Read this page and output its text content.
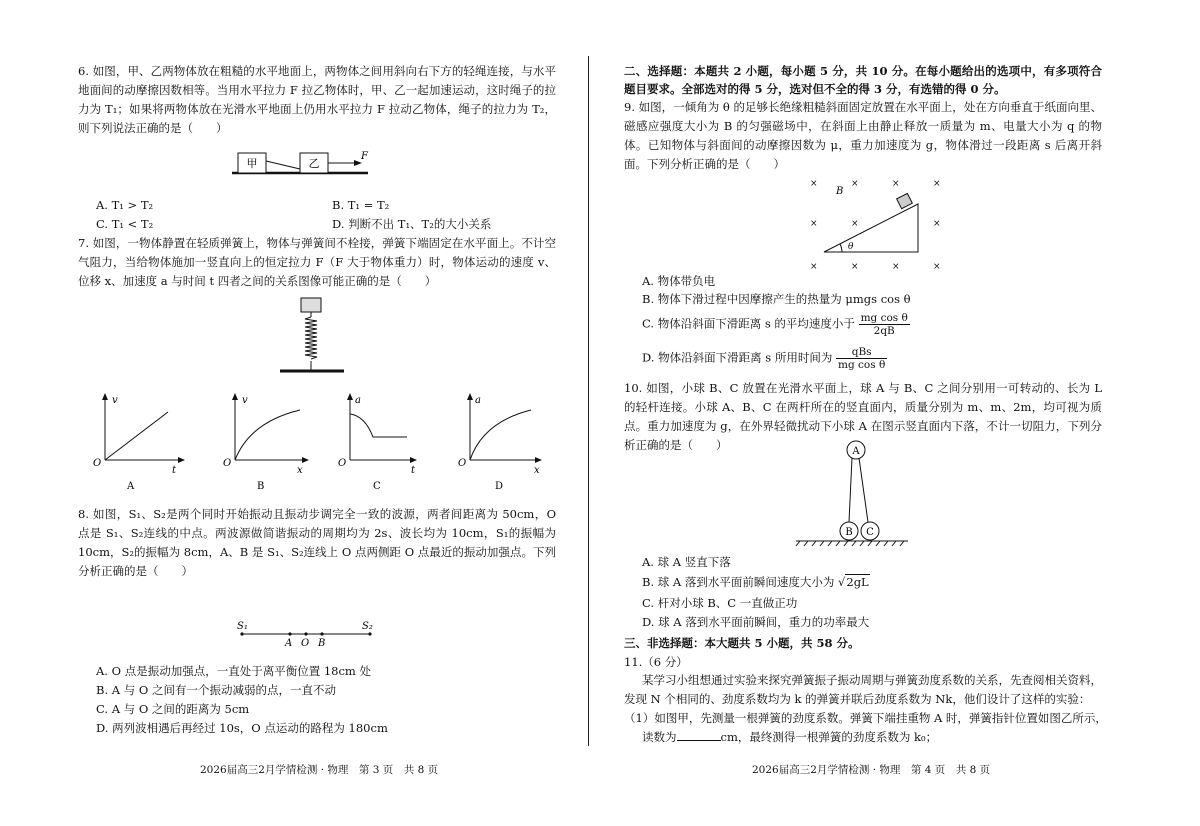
6. 如图，甲、乙两物体放在粗糙的水平地面上，两物体之间用斜向右下方的轻绳连接，与水平地面间的动摩擦因数相等。当用水平拉力 F 拉乙物体时，甲、乙一起加速运动，这时绳子的拉力为 T₁；如果将两物体放在光滑水平地面上仍用水平拉力 F 拉动乙物体，绳子的拉力为 T₂，则下列说法正确的是（　　）

甲	乙
F
A. T₁ > T₂	B. T₁ = T₂
C. T₁ < T₂	D. 判断不出 T₁、T₂的大小关系

7. 如图，一物体静置在轻质弹簧上，物体与弹簧间不栓接，弹簧下端固定在水平面上。不计空气阻力，当给物体施加一竖直向上的恒定拉力 F（F 大于物体重力）时，物体运动的速度 v、位移 x、加速度 a 与时间 t 四者之间的关系图像可能正确的是（　　）

v
t
O
A
v
x
O
B
a
t
O
C
a
x
O
D

8. 如图，S₁、S₂是两个同时开始振动且振动步调完全一致的波源，两者间距离为 50cm，O 点是 S₁、S₂连线的中点。两波源做简谐振动的周期均为 2s、波长均为 10cm，S₁的振幅为10cm，S₂的振幅为 8cm，A、B 是 S₁、S₂连线上 O 点两侧距 O 点最近的振动加强点。下列分析正确的是（　　）

S₁	S₂
A O B
A. O 点是振动加强点，一直处于离平衡位置 18cm 处
B. A 与 O 之间有一个振动减弱的点，一直不动
C. A 与 O 之间的距离为 5cm
D. 两列波相遇后再经过 10s，O 点运动的路程为 180cm
2026届高三2月学情检测 · 物理　第 3 页　共 8 页

二、选择题：本题共 2 小题，每小题 5 分，共 10 分。在每小题给出的选项中，有多项符合题目要求。全部选对的得 5 分，选对但不全的得 3 分，有选错的得 0 分。

9. 如图，一倾角为 θ 的足够长绝缘粗糙斜面固定放置在水平面上，处在方向垂直于纸面向里、磁感应强度大小为 B 的匀强磁场中，在斜面上由静止释放一质量为 m、电量大小为 q 的物体。已知物体与斜面间的动摩擦因数为 μ，重力加速度为 g，物体滑过一段距离 s 后离开斜面。下列分析正确的是（　　）

×	×	×	×
×	×	×
×	×	×	×
B
θ
A. 物体带负电
B. 物体下滑过程中因摩擦产生的热量为 μmgs cos θ
C. 物体沿斜面下滑距离 s 的平均速度小于 $\frac{\text{mg cos θ}}{2qB}$
D. 物体沿斜面下滑距离 s 所用时间为 $\frac{\text{qBs}}{\text{mg cos θ}}$

10. 如图，小球 B、C 放置在光滑水平面上，球 A 与 B、C 之间分别用一可转动的、长为 L 的轻杆连接。小球 A、B、C 在两杆所在的竖直面内，质量分别为 m、m、2m，均可视为质点。重力加速度为 g，在外界轻微扰动下小球 A 在图示竖直面内下落，不计一切阻力，下列分析正确的是（　　）	A
B C
A. 球 A 竖直下落
B. 球 A 落到水平面前瞬间速度大小为 √2gL
C. 杆对小球 B、C 一直做正功
D. 球 A 落到水平面前瞬间，重力的功率最大
三、非选择题：本大题共 5 小题，共 58 分。
11.（6 分）

某学习小组想通过实验来探究弹簧振子振动周期与弹簧劲度系数的关系，先查阅相关资料，发现 N 个相同的、劲度系数均为 k 的弹簧并联后劲度系数为 Nk，他们设计了这样的实验：

（1）如图甲，先测量一根弹簧的劲度系数。弹簧下端挂重物 A 时，弹簧指针位置如图乙所示，
读数为	cm，最终测得一根弹簧的劲度系数为 k₀；
2026届高三2月学情检测 · 物理　第 4 页　共 8 页
